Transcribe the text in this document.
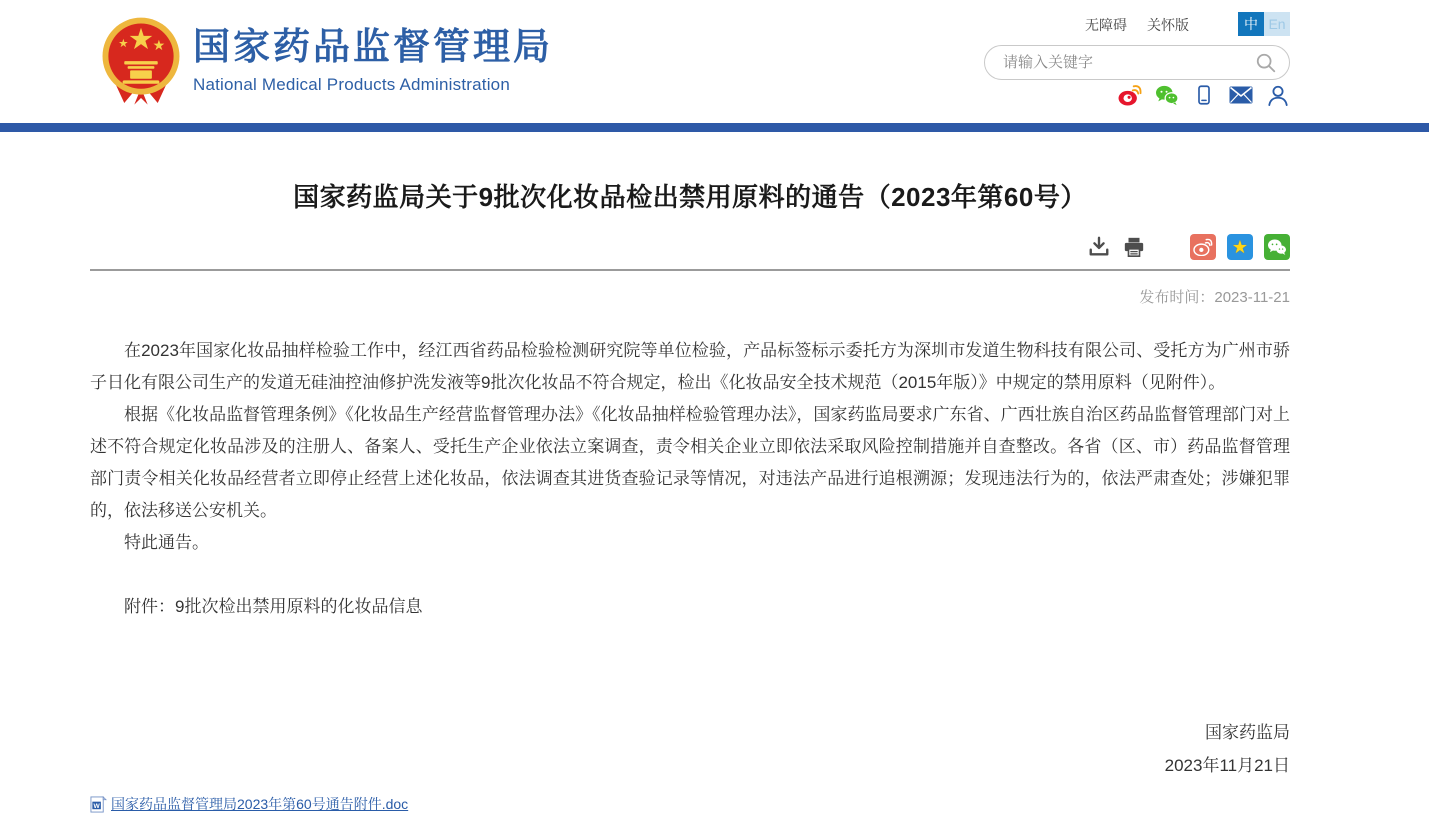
国家药品监督管理局
National Medical Products Administration
无障碍 关怀版	中 En
请输入关键字
国家药监局关于9批次化妆品检出禁用原料的通告（2023年第60号）
★
发布时间：2023-11-21

在2023年国家化妆品抽样检验工作中，经江西省药品检验检测研究院等单位检验，产品标签标示委托方为深圳市发道生物科技有限公司、受托方为广州市骄子日化有限公司生产的发道无硅油控油修护洗发液等9批次化妆品不符合规定，检出《化妆品安全技术规范（2015年版）》中规定的禁用原料（见附件）。

根据《化妆品监督管理条例》《化妆品生产经营监督管理办法》《化妆品抽样检验管理办法》，国家药监局要求广东省、广西壮族自治区药品监督管理部门对上述不符合规定化妆品涉及的注册人、备案人、受托生产企业依法立案调查，责令相关企业立即依法采取风险控制措施并自查整改。各省（区、市）药品监督管理部门责令相关化妆品经营者立即停止经营上述化妆品，依法调查其进货查验记录等情况，对违法产品进行追根溯源；发现违法行为的，依法严肃查处；涉嫌犯罪的，依法移送公安机关。

特此通告。

附件：9批次检出禁用原料的化妆品信息
国家药监局
2023年11月21日
W 国家药品监督管理局2023年第60号通告附件.doc
